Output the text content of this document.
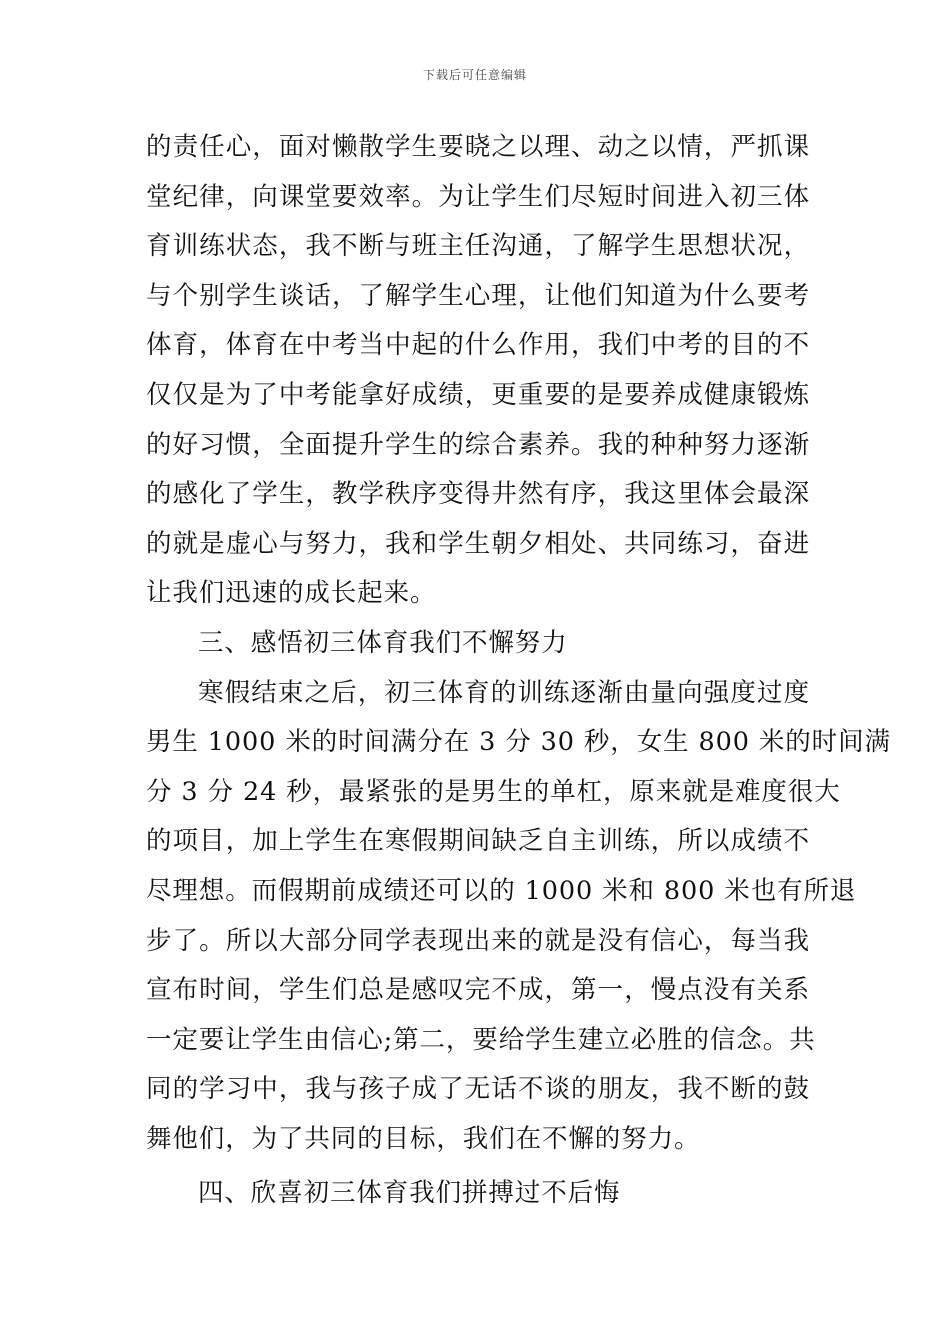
下载后可任意编辑
的责任心，面对懒散学生要晓之以理、动之以情，严抓课
堂纪律，向课堂要效率。为让学生们尽短时间进入初三体
育训练状态，我不断与班主任沟通，了解学生思想状况，
与个别学生谈话，了解学生心理，让他们知道为什么要考
体育，体育在中考当中起的什么作用，我们中考的目的不
仅仅是为了中考能拿好成绩，更重要的是要养成健康锻炼
的好习惯，全面提升学生的综合素养。我的种种努力逐渐
的感化了学生，教学秩序变得井然有序，我这里体会最深
的就是虚心与努力，我和学生朝夕相处、共同练习，奋进
让我们迅速的成长起来。
三、感悟初三体育我们不懈努力
寒假结束之后，初三体育的训练逐渐由量向强度过度
男生 1000 米的时间满分在 3 分 30 秒，女生 800 米的时间满
分 3 分 24 秒，最紧张的是男生的单杠，原来就是难度很大
的项目，加上学生在寒假期间缺乏自主训练，所以成绩不
尽理想。而假期前成绩还可以的 1000 米和 800 米也有所退
步了。所以大部分同学表现出来的就是没有信心，每当我
宣布时间，学生们总是感叹完不成，第一，慢点没有关系
一定要让学生由信心;第二，要给学生建立必胜的信念。共
同的学习中，我与孩子成了无话不谈的朋友，我不断的鼓
舞他们，为了共同的目标，我们在不懈的努力。
四、欣喜初三体育我们拼搏过不后悔
